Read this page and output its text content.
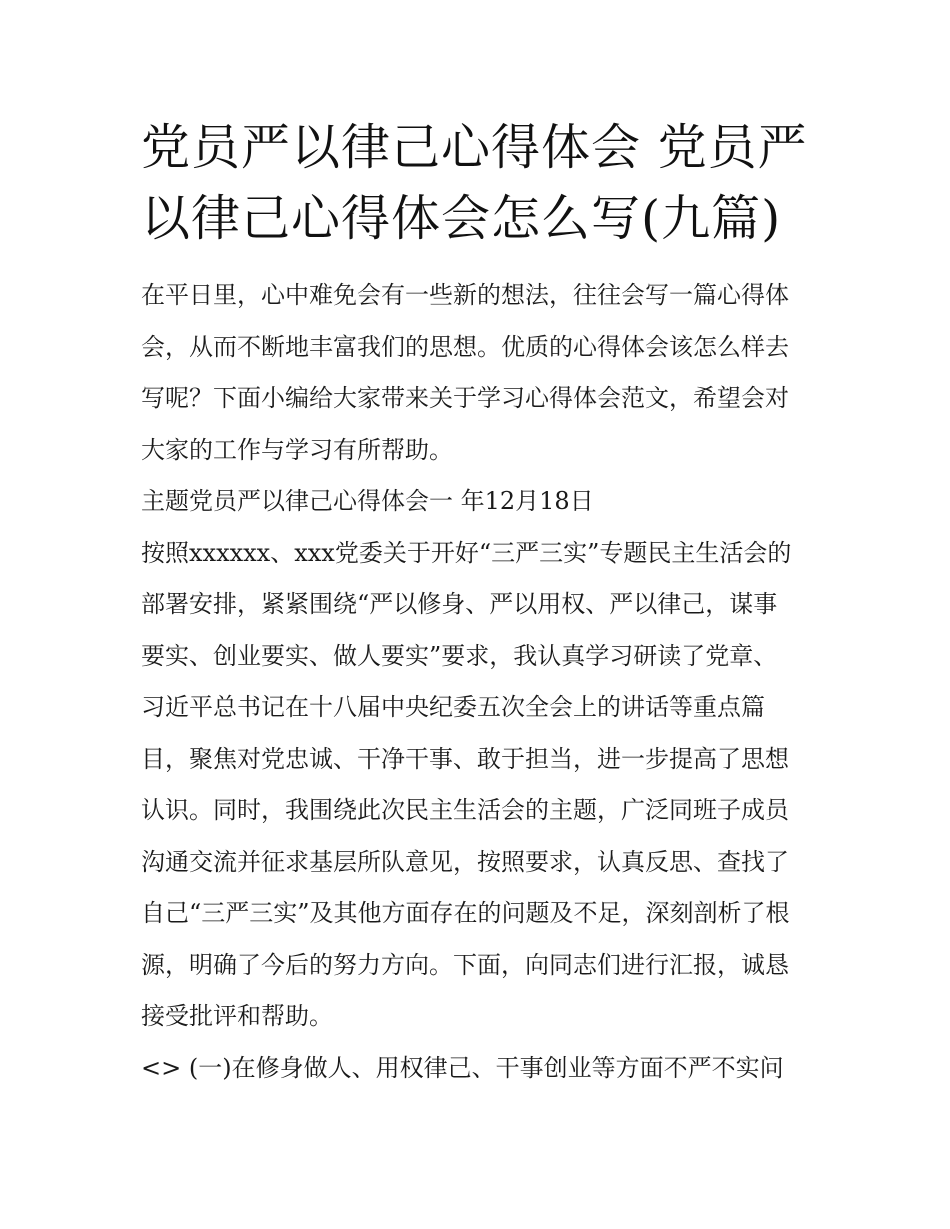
党员严以律己心得体会 党员严
以律己心得体会怎么写(九篇)
在平日里，心中难免会有一些新的想法，往往会写一篇心得体
会，从而不断地丰富我们的思想。优质的心得体会该怎么样去
写呢？下面小编给大家带来关于学习心得体会范文，希望会对
大家的工作与学习有所帮助。
主题党员严以律己心得体会一 年12月18日
按照xxxxxx、xxx党委关于开好“三严三实”专题民主生活会的
部署安排，紧紧围绕“严以修身、严以用权、严以律己，谋事
要实、创业要实、做人要实”要求，我认真学习研读了党章、
习近平总书记在十八届中央纪委五次全会上的讲话等重点篇
目，聚焦对党忠诚、干净干事、敢于担当，进一步提高了思想
认识。同时，我围绕此次民主生活会的主题，广泛同班子成员
沟通交流并征求基层所队意见，按照要求，认真反思、查找了
自己“三严三实”及其他方面存在的问题及不足，深刻剖析了根
源，明确了今后的努力方向。下面，向同志们进行汇报，诚恳
接受批评和帮助。
<> (一)在修身做人、用权律己、干事创业等方面不严不实问
